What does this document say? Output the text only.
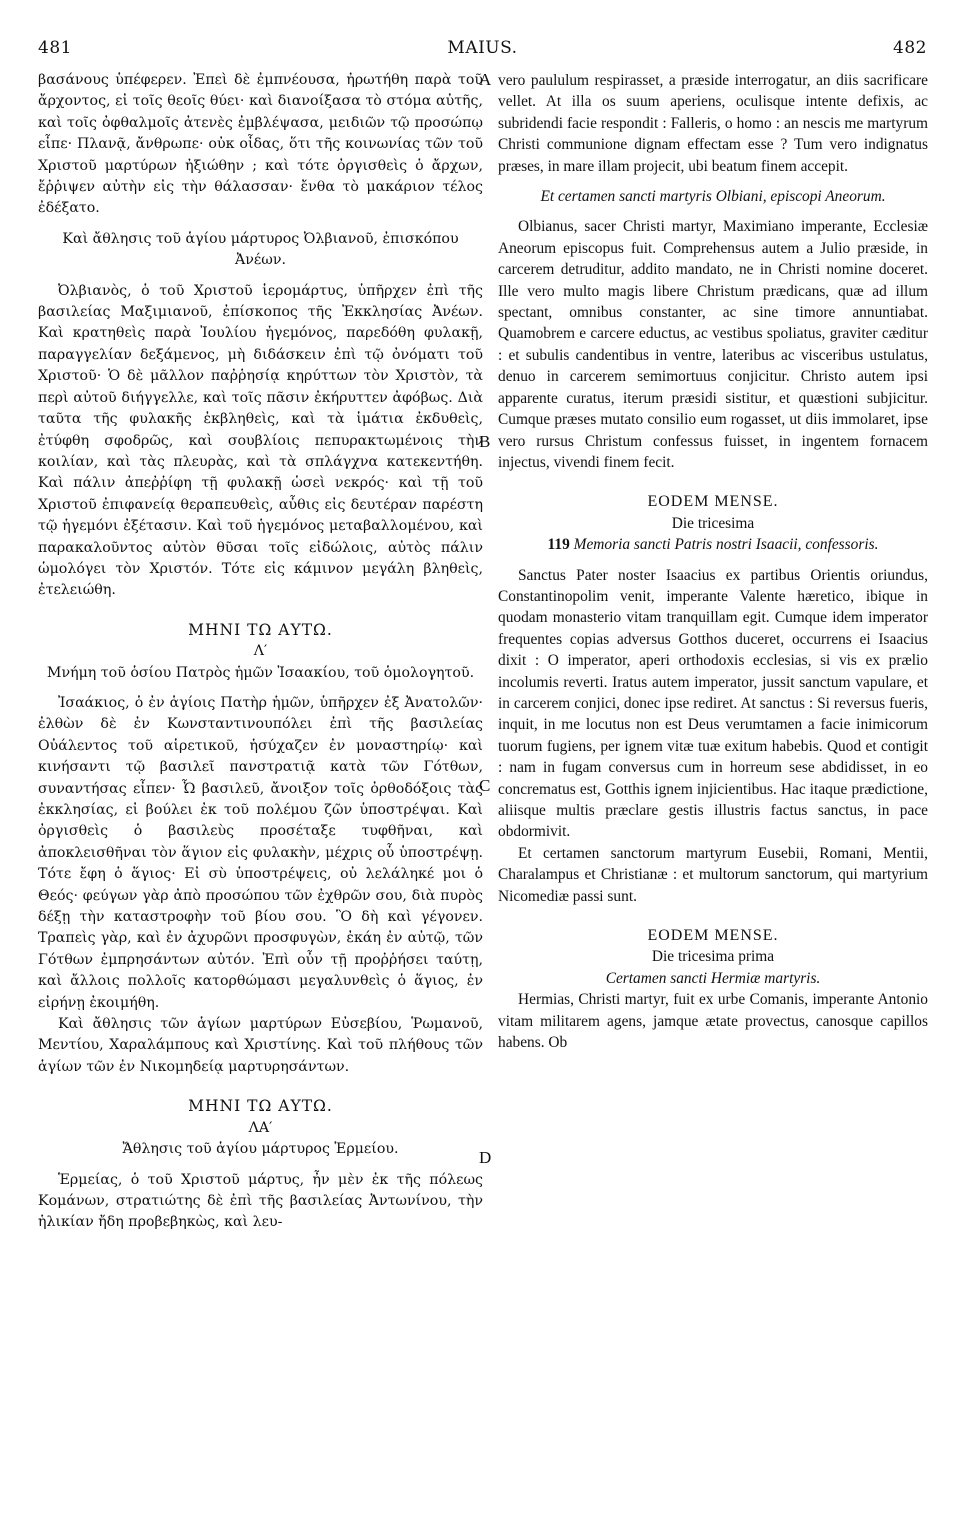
481	MAIUS.	482

βασάνους ὑπέφερεν. Ἐπεὶ δὲ ἐμπνέουσα, ἠρωτήθη παρὰ τοῦ ἄρχοντος, εἰ τοῖς θεοῖς θύει· καὶ διανοίξασα τὸ στόμα αὐτῆς, καὶ τοῖς ὀφθαλμοῖς ἀτενὲς ἐμβλέψασα, μειδιῶν τῷ προσώπῳ εἶπε· Πλανᾷ, ἄνθρωπε· οὐκ οἶδας, ὅτι τῆς κοινωνίας τῶν τοῦ Χριστοῦ μαρτύρων ἠξιώθην ; καὶ τότε ὀργισθεὶς ὁ ἄρχων, ἔῤῥιψεν αὐτὴν εἰς τὴν θάλασσαν· ἔνθα τὸ μακάριον τέλος ἐδέξατο.

Καὶ ἄθλησις τοῦ ἁγίου μάρτυρος Ὀλβιανοῦ, ἐπισκόπου Ἀνέων.

Ὀλβιανὸς, ὁ τοῦ Χριστοῦ ἱερομάρτυς, ὑπῆρχεν ἐπὶ τῆς βασιλείας Μαξιμιανοῦ, ἐπίσκοπος τῆς Ἐκκλησίας Ἀνέων. Καὶ κρατηθεὶς παρὰ Ἰουλίου ἡγεμόνος, παρεδόθη φυλακῇ, παραγγελίαν δεξάμενος, μὴ διδάσκειν ἐπὶ τῷ ὀνόματι τοῦ Χριστοῦ· Ὁ δὲ μᾶλλον παῤῥησίᾳ κηρύττων τὸν Χριστὸν, τὰ περὶ αὐτοῦ διήγγελλε, καὶ τοῖς πᾶσιν ἐκήρυττεν ἀφόβως. Διὰ ταῦτα τῆς φυλακῆς ἐκβληθεὶς, καὶ τὰ ἱμάτια ἐκδυθεὶς, ἐτύφθη σφοδρῶς, καὶ σουβλίοις πεπυρακτωμένοις τὴν κοιλίαν, καὶ τὰς πλευρὰς, καὶ τὰ σπλάγχνα κατεκεντήθη. Καὶ πάλιν ἀπεῤῥίφη τῇ φυλακῇ ὡσεὶ νεκρός· καὶ τῇ τοῦ Χριστοῦ ἐπιφανείᾳ θεραπευθεὶς, αὖθις εἰς δευτέραν παρέστη τῷ ἡγεμόνι ἐξέτασιν. Καὶ τοῦ ἡγεμόνος μεταβαλλομένου, καὶ παρακαλοῦντος αὐτὸν θῦσαι τοῖς εἰδώλοις, αὐτὸς πάλιν ὡμολόγει τὸν Χριστόν. Τότε εἰς κάμινον μεγάλη βληθεὶς, ἐτελειώθη.

ΜΗΝΙ ΤΩ ΑΥΤΩ.

Λ′

Μνήμη τοῦ ὁσίου Πατρὸς ἡμῶν Ἰσαακίου, τοῦ ὁμολογητοῦ.

Ἰσαάκιος, ὁ ἐν ἁγίοις Πατὴρ ἡμῶν, ὑπῆρχεν ἐξ Ἀνατολῶν· ἐλθὼν δὲ ἐν Κωνσταντινουπόλει ἐπὶ τῆς βασιλείας Οὐάλεντος τοῦ αἱρετικοῦ, ἡσύχαζεν ἐν μοναστηρίῳ· καὶ κινήσαντι τῷ βασιλεῖ πανστρατιᾷ κατὰ τῶν Γότθων, συναντήσας εἶπεν· Ὦ βασιλεῦ, ἄνοιξον τοῖς ὀρθοδόξοις τὰς ἐκκλησίας, εἰ βούλει ἐκ τοῦ πολέμου ζῶν ὑποστρέψαι. Καὶ ὀργισθεὶς ὁ βασιλεὺς προσέταξε τυφθῆναι, καὶ ἀποκλεισθῆναι τὸν ἅγιον εἰς φυλακὴν, μέχρις οὗ ὑποστρέψῃ. Τότε ἔφη ὁ ἅγιος· Εἰ σὺ ὑποστρέψεις, οὐ λελάληκέ μοι ὁ Θεός· φεύγων γὰρ ἀπὸ προσώπου τῶν ἐχθρῶν σου, διὰ πυρὸς δέξῃ τὴν καταστροφὴν τοῦ βίου σου. Ὃ δὴ καὶ γέγονεν. Τραπεὶς γὰρ, καὶ ἐν ἀχυρῶνι προσφυγὼν, ἐκάη ἐν αὐτῷ, τῶν Γότθων ἐμπρησάντων αὐτόν. Ἐπὶ οὖν τῇ προῤῥήσει ταύτῃ, καὶ ἄλλοις πολλοῖς κατορθώμασι μεγαλυνθεὶς ὁ ἅγιος, ἐν εἰρήνῃ ἐκοιμήθη.

Καὶ ἄθλησις τῶν ἁγίων μαρτύρων Εὐσεβίου, Ῥωμανοῦ, Μεντίου, Χαραλάμπους καὶ Χριστίνης. Καὶ τοῦ πλήθους τῶν ἁγίων τῶν ἐν Νικομηδείᾳ μαρτυρησάντων.

ΜΗΝΙ ΤΩ ΑΥΤΩ.

ΛΑ′

Ἄθλησις τοῦ ἁγίου μάρτυρος Ἑρμείου.

Ἑρμείας, ὁ τοῦ Χριστοῦ μάρτυς, ἦν μὲν ἐκ τῆς πόλεως Κομάνων, στρατιώτης δὲ ἐπὶ τῆς βασιλείας Ἀντωνίνου, τὴν ἡλικίαν ἤδη προβεβηκὼς, καὶ λευ-

A
B
C
D

vero paululum respirasset, a præside interrogatur, an diis sacrificare vellet. At illa os suum aperiens, oculisque intente defixis, ac subridendi facie respondit : Falleris, o homo : an nescis me martyrum Christi communione dignam effectam esse ? Tum vero indignatus præses, in mare illam projecit, ubi beatum finem accepit.

Et certamen sancti martyris Olbiani, episcopi Aneorum.

Olbianus, sacer Christi martyr, Maximiano imperante, Ecclesiæ Aneorum episcopus fuit. Comprehensus autem a Julio præside, in carcerem detruditur, addito mandato, ne in Christi nomine doceret. Ille vero multo magis libere Christum prædicans, quæ ad illum spectant, omnibus constanter, ac sine timore annuntiabat. Quamobrem e carcere eductus, ac vestibus spoliatus, graviter cæditur : et subulis candentibus in ventre, lateribus ac visceribus ustulatus, denuo in carcerem semimortuus conjicitur. Christo autem ipsi apparente curatus, iterum præsidi sistitur, et quæstioni subjicitur. Cumque præses mutato consilio eum rogasset, ut diis immolaret, ipse vero rursus Christum confessus fuisset, in ingentem fornacem injectus, vivendi finem fecit.

EODEM MENSE.

Die tricesima

119 Memoria sancti Patris nostri Isaacii, confessoris.

Sanctus Pater noster Isaacius ex partibus Orientis oriundus, Constantinopolim venit, imperante Valente hæretico, ibique in quodam monasterio vitam tranquillam egit. Cumque idem imperator frequentes copias adversus Gotthos duceret, occurrens ei Isaacius dixit : O imperator, aperi orthodoxis ecclesias, si vis ex prælio incolumis reverti. Iratus autem imperator, jussit sanctum vapulare, et in carcerem conjici, donec ipse rediret. At sanctus : Si reversus fueris, inquit, in me locutus non est Deus verumtamen a facie inimicorum tuorum fugiens, per ignem vitæ tuæ exitum habebis. Quod et contigit : nam in fugam conversus cum in horreum sese abdidisset, in eo concrematus est, Gotthis ignem injicientibus. Hac itaque prædictione, aliisque multis præclare gestis illustris factus sanctus, in pace obdormivit.

Et certamen sanctorum martyrum Eusebii, Romani, Mentii, Charalampus et Christianæ : et multorum sanctorum, qui martyrium Nicomediæ passi sunt.

EODEM MENSE.

Die tricesima prima

Certamen sancti Hermiæ martyris.

Hermias, Christi martyr, fuit ex urbe Comanis, imperante Antonio vitam militarem agens, jamque ætate provectus, canosque capillos habens. Ob
